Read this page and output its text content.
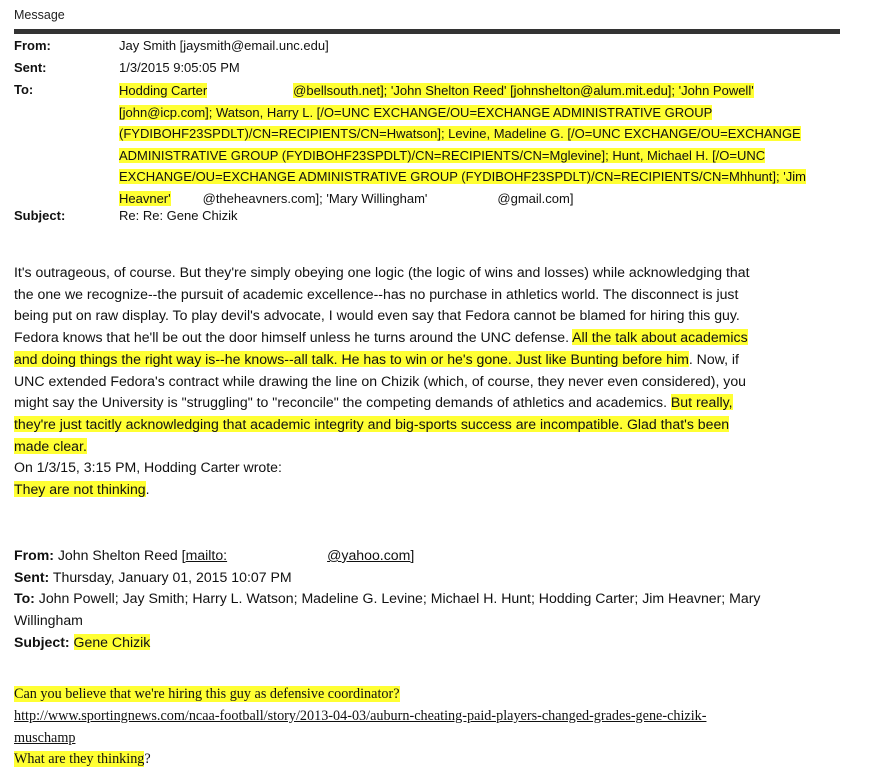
Message
From:	Jay Smith [jaysmith@email.unc.edu]
Sent:	1/3/2015 9:05:05 PM
To:	Hodding Carter	@bellsouth.net]; 'John Shelton Reed' [johnshelton@alum.mit.edu]; 'John Powell'
[john@icp.com]; Watson, Harry L. [/O=UNC EXCHANGE/OU=EXCHANGE ADMINISTRATIVE GROUP
(FYDIBOHF23SPDLT)/CN=RECIPIENTS/CN=Hwatson]; Levine, Madeline G. [/O=UNC EXCHANGE/OU=EXCHANGE
ADMINISTRATIVE GROUP (FYDIBOHF23SPDLT)/CN=RECIPIENTS/CN=Mglevine]; Hunt, Michael H. [/O=UNC
EXCHANGE/OU=EXCHANGE ADMINISTRATIVE GROUP (FYDIBOHF23SPDLT)/CN=RECIPIENTS/CN=Mhhunt]; 'Jim
Heavner' @theheavners.com]; 'Mary Willingham'	@gmail.com]
Subject:	Re: Re: Gene Chizik
It's outrageous, of course. But they're simply obeying one logic (the logic of wins and losses) while acknowledging that
the one we recognize--the pursuit of academic excellence--has no purchase in athletics world. The disconnect is just
being put on raw display. To play devil's advocate, I would even say that Fedora cannot be blamed for hiring this guy.
Fedora knows that he'll be out the door himself unless he turns around the UNC defense. All the talk about academics
and doing things the right way is--he knows--all talk. He has to win or he's gone. Just like Bunting before him. Now, if
UNC extended Fedora's contract while drawing the line on Chizik (which, of course, they never even considered), you
might say the University is "struggling" to "reconcile" the competing demands of athletics and academics. But really,
they're just tacitly acknowledging that academic integrity and big-sports success are incompatible. Glad that's been
made clear.
On 1/3/15, 3:15 PM, Hodding Carter wrote:
They are not thinking.
From: John Shelton Reed [mailto:	@yahoo.com]
Sent: Thursday, January 01, 2015 10:07 PM
To: John Powell; Jay Smith; Harry L. Watson; Madeline G. Levine; Michael H. Hunt; Hodding Carter; Jim Heavner; Mary
Willingham
Subject: Gene Chizik
Can you believe that we're hiring this guy as defensive coordinator?
http://www.sportingnews.com/ncaa-football/story/2013-04-03/auburn-cheating-paid-players-changed-grades-gene-chizik-
muschamp
What are they thinking?
